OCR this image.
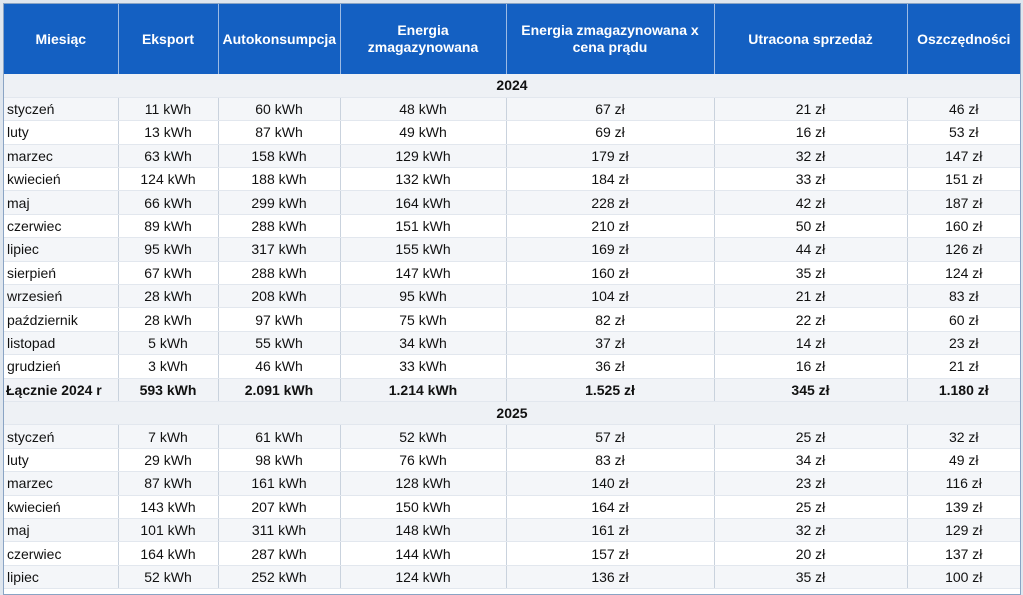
Miesiąc	Eksport	Autokonsumpcja	Energia zmagazynowana	Energia zmagazynowana x cena prądu	Utracona sprzedaż	Oszczędności
2024						
styczeń	11 kWh	60 kWh	48 kWh	67 zł	21 zł	46 zł
luty	13 kWh	87 kWh	49 kWh	69 zł	16 zł	53 zł
marzec	63 kWh	158 kWh	129 kWh	179 zł	32 zł	147 zł
kwiecień	124 kWh	188 kWh	132 kWh	184 zł	33 zł	151 zł
maj	66 kWh	299 kWh	164 kWh	228 zł	42 zł	187 zł
czerwiec	89 kWh	288 kWh	151 kWh	210 zł	50 zł	160 zł
lipiec	95 kWh	317 kWh	155 kWh	169 zł	44 zł	126 zł
sierpień	67 kWh	288 kWh	147 kWh	160 zł	35 zł	124 zł
wrzesień	28 kWh	208 kWh	95 kWh	104 zł	21 zł	83 zł
październik	28 kWh	97 kWh	75 kWh	82 zł	22 zł	60 zł
listopad	5 kWh	55 kWh	34 kWh	37 zł	14 zł	23 zł
grudzień	3 kWh	46 kWh	33 kWh	36 zł	16 zł	21 zł
Łącznie 2024 r	593 kWh	2.091 kWh	1.214 kWh	1.525 zł	345 zł	1.180 zł
2025						
styczeń	7 kWh	61 kWh	52 kWh	57 zł	25 zł	32 zł
luty	29 kWh	98 kWh	76 kWh	83 zł	34 zł	49 zł
marzec	87 kWh	161 kWh	128 kWh	140 zł	23 zł	116 zł
kwiecień	143 kWh	207 kWh	150 kWh	164 zł	25 zł	139 zł
maj	101 kWh	311 kWh	148 kWh	161 zł	32 zł	129 zł
czerwiec	164 kWh	287 kWh	144 kWh	157 zł	20 zł	137 zł
lipiec	52 kWh	252 kWh	124 kWh	136 zł	35 zł	100 zł
